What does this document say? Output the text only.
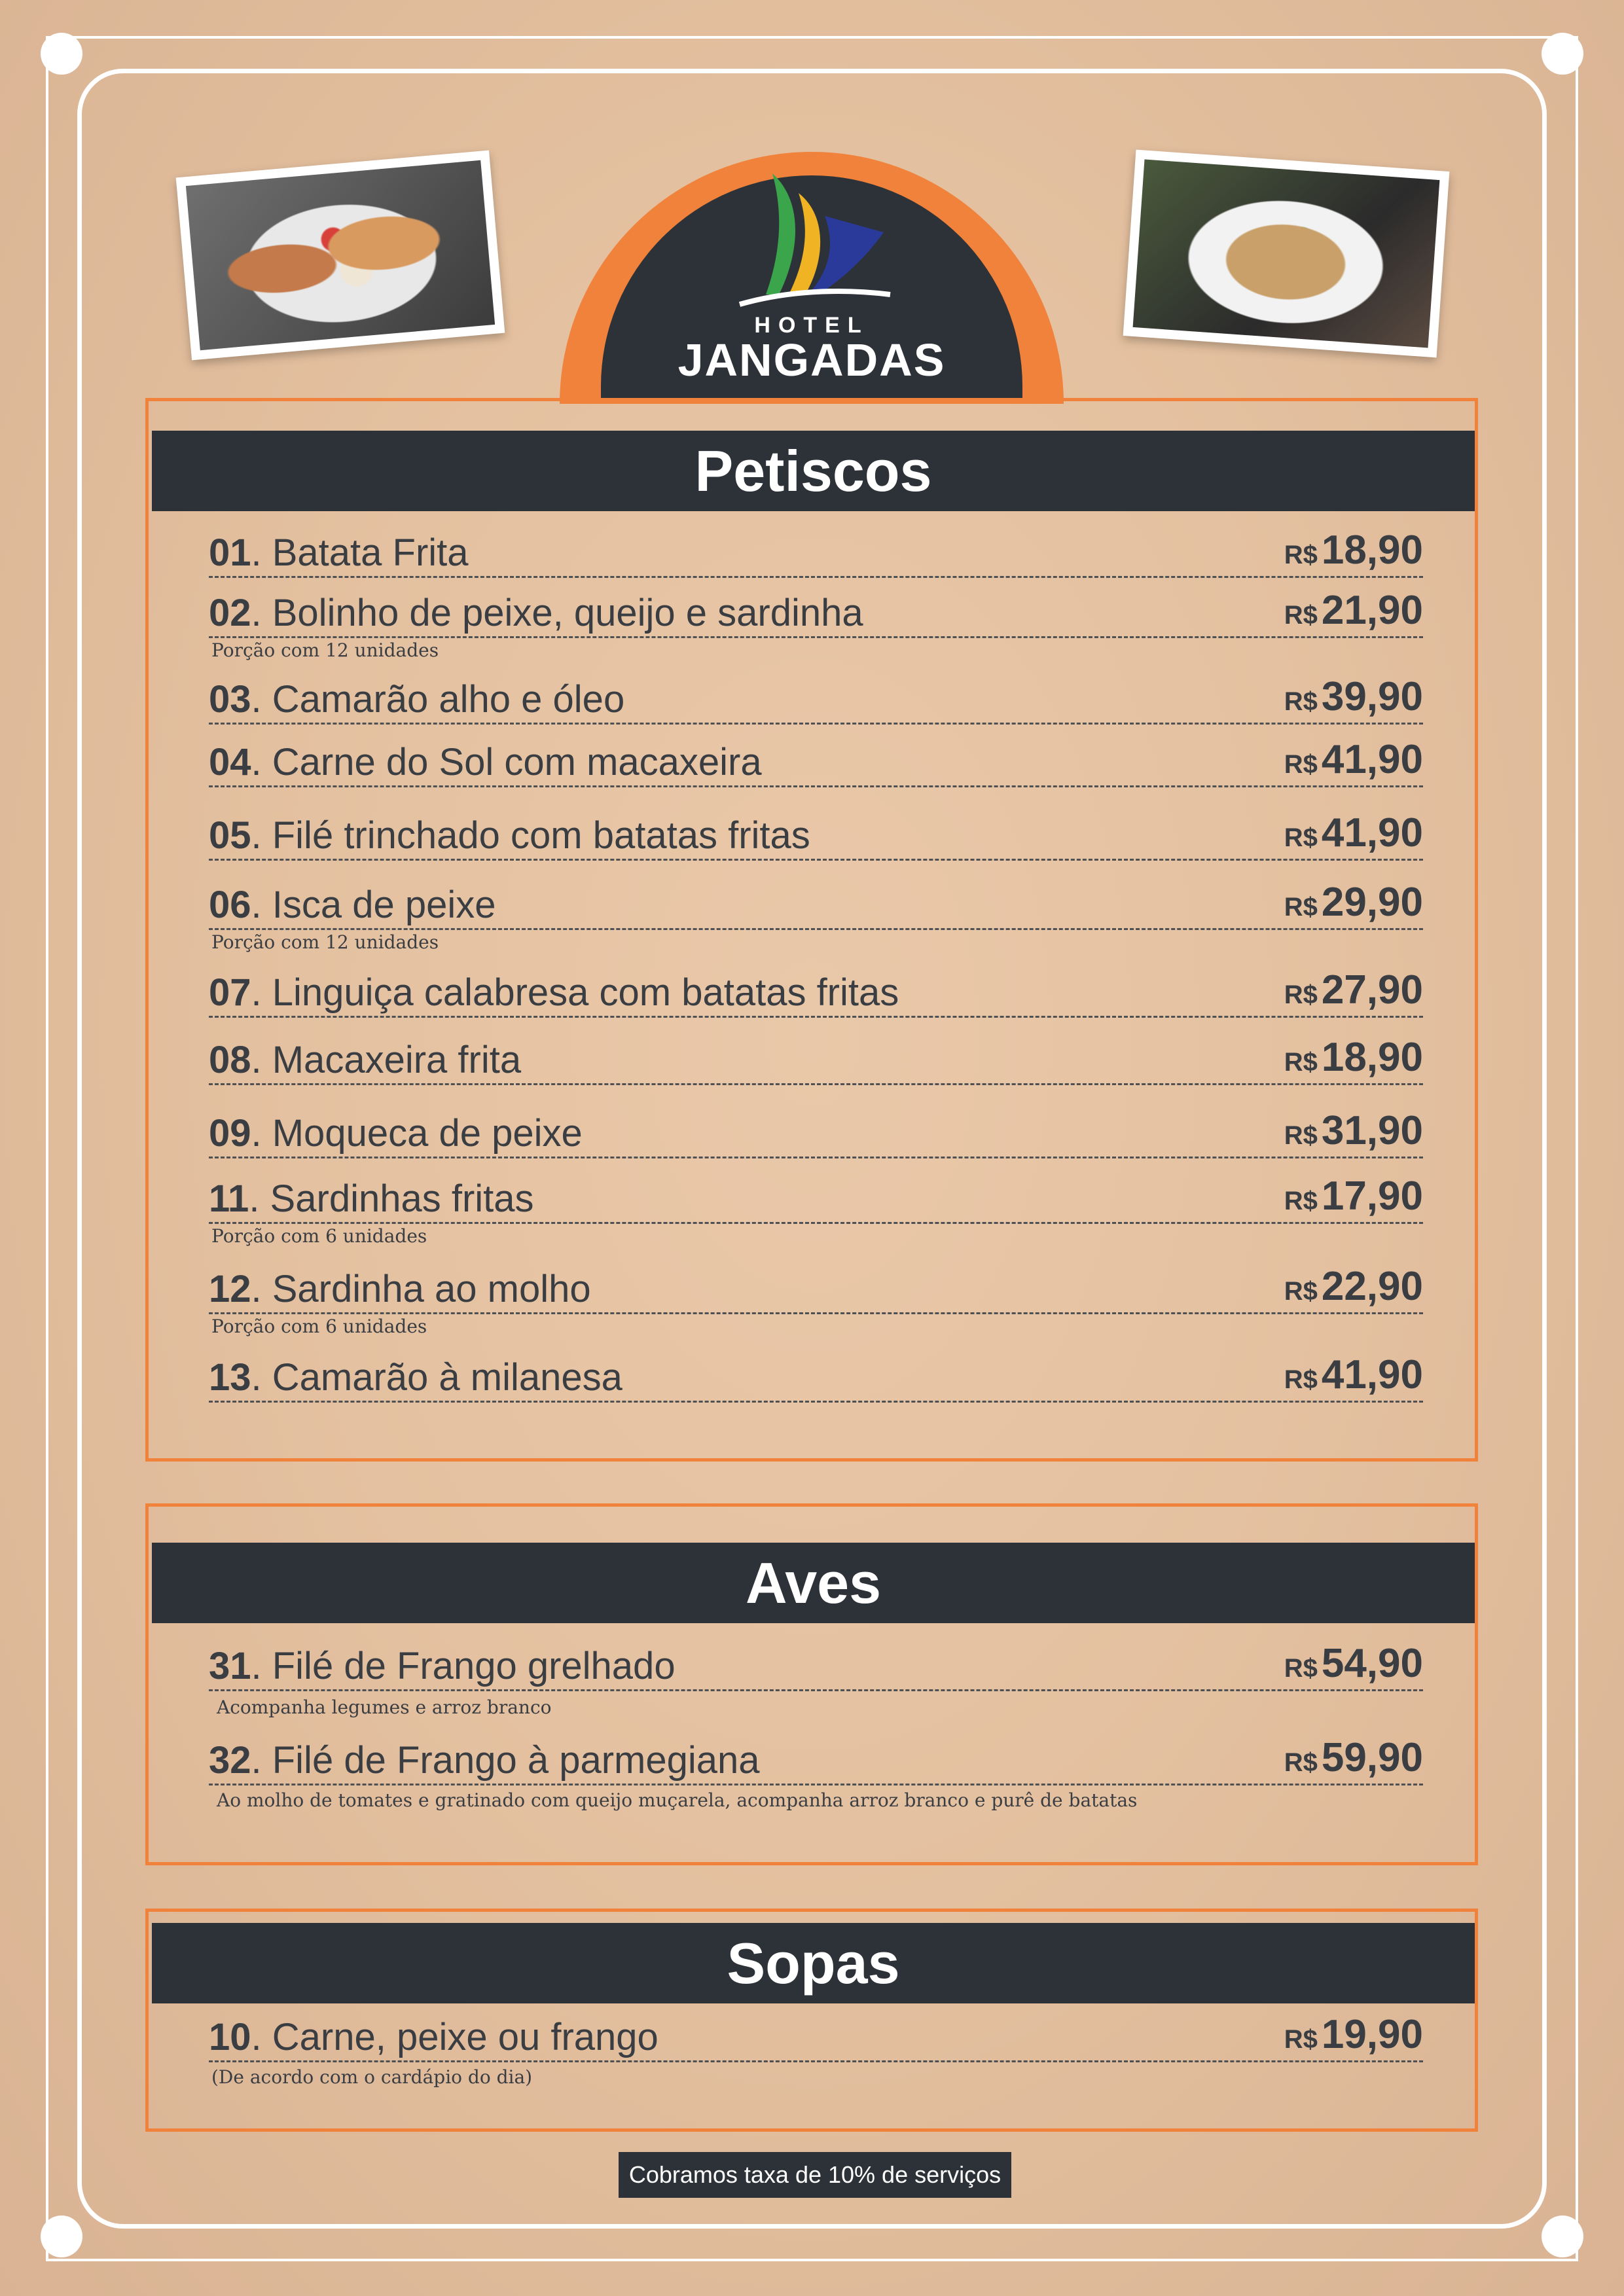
HOTEL
JANGADAS
Petiscos
01. Batata Frita	R$18,90
02. Bolinho de peixe, queijo e sardinha	R$21,90
Porção com 12 unidades
03. Camarão alho e óleo	R$39,90
04. Carne do Sol com macaxeira	R$41,90
05. Filé trinchado com batatas fritas	R$41,90
06. Isca de peixe	R$29,90
Porção com 12 unidades
07. Linguiça calabresa com batatas fritas	R$27,90
08. Macaxeira frita	R$18,90
09. Moqueca de peixe	R$31,90
11. Sardinhas fritas	R$17,90
Porção com 6 unidades
12. Sardinha ao molho	R$22,90
Porção com 6 unidades
13. Camarão à milanesa	R$41,90
Aves
31. Filé de Frango grelhado	R$54,90
Acompanha legumes e arroz branco
32. Filé de Frango à parmegiana	R$59,90
Ao molho de tomates e gratinado com queijo muçarela, acompanha arroz branco e purê de batatas
Sopas
10. Carne, peixe ou frango	R$19,90
(De acordo com o cardápio do dia)
Cobramos taxa de 10% de serviços
